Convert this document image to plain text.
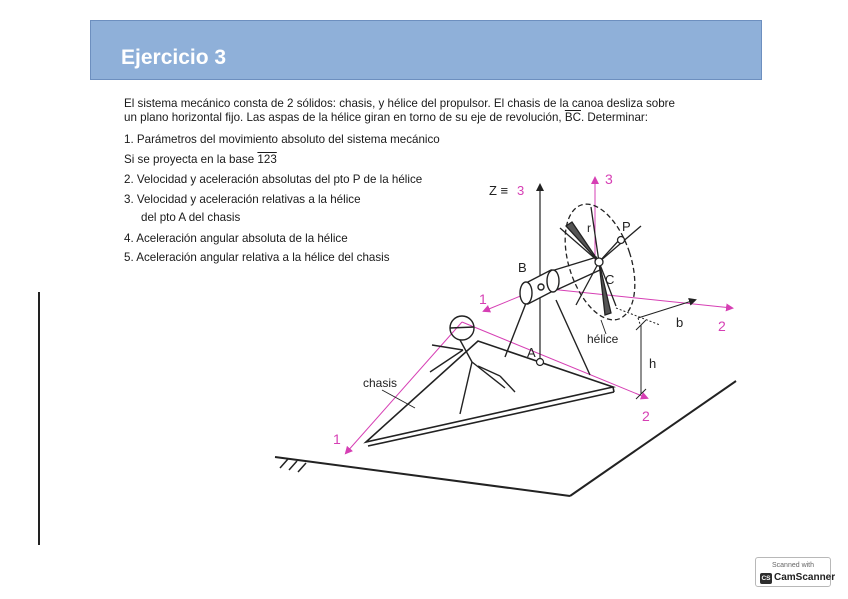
Ejercicio 3
El sistema mecánico consta de 2 sólidos: chasis, y hélice del propulsor. El chasis de la canoa desliza sobre
un plano horizontal fijo. Las aspas de la hélice giran en torno de su eje de revolución, $\overline{BC}$. Determinar:
1. Parámetros del movimiento absoluto del sistema mecánico
Si se proyecta en la base 123
2. Velocidad y aceleración absolutas del pto P de la hélice
3. Velocidad y aceleración relativas a la hélice
del pto A del chasis
4. Aceleración angular absoluta de la hélice
5. Aceleración angular relativa a la hélice del chasis
Z ≡ 3
3
B
C
P
r
A
b
h
hélice
chasis
1
2
1
2
Scanned with
CS CamScanner
